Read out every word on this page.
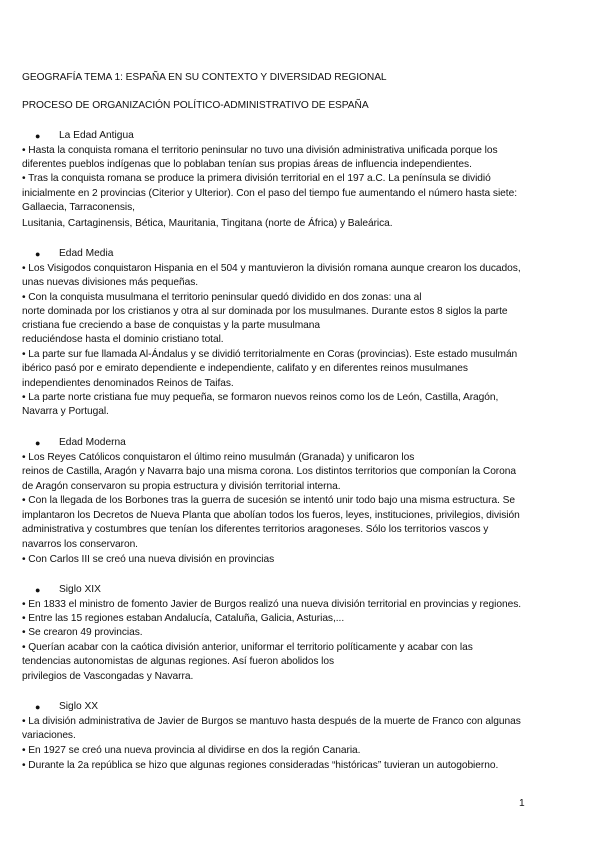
GEOGRAFÍA TEMA 1: ESPAÑA EN SU CONTEXTO Y DIVERSIDAD REGIONAL
PROCESO DE ORGANIZACIÓN POLÍTICO-ADMINISTRATIVO DE ESPAÑA
● La Edad Antigua
• Hasta la conquista romana el territorio peninsular no tuvo una división administrativa unificada porque los
diferentes pueblos indígenas que lo poblaban tenían sus propias áreas de influencia independientes.
• Tras la conquista romana se produce la primera división territorial en el 197 a.C. La península se dividió
inicialmente en 2 provincias (Citerior y Ulterior). Con el paso del tiempo fue aumentando el número hasta siete:
Gallaecia, Tarraconensis,
Lusitania, Cartaginensis, Bética, Mauritania, Tingitana (norte de África) y Baleárica.
● Edad Media
• Los Visigodos conquistaron Hispania en el 504 y mantuvieron la división romana aunque crearon los ducados,
unas nuevas divisiones más pequeñas.
• Con la conquista musulmana el territorio peninsular quedó dividido en dos zonas: una al
norte dominada por los cristianos y otra al sur dominada por los musulmanes. Durante estos 8 siglos la parte
cristiana fue creciendo a base de conquistas y la parte musulmana
reduciéndose hasta el dominio cristiano total.
• La parte sur fue llamada Al-Ándalus y se dividió territorialmente en Coras (provincias). Este estado musulmán
ibérico pasó por e emirato dependiente e independiente, califato y en diferentes reinos musulmanes
independientes denominados Reinos de Taifas.
• La parte norte cristiana fue muy pequeña, se formaron nuevos reinos como los de León, Castilla, Aragón,
Navarra y Portugal.
● Edad Moderna
• Los Reyes Católicos conquistaron el último reino musulmán (Granada) y unificaron los
reinos de Castilla, Aragón y Navarra bajo una misma corona. Los distintos territorios que componían la Corona
de Aragón conservaron su propia estructura y división territorial interna.
• Con la llegada de los Borbones tras la guerra de sucesión se intentó unir todo bajo una misma estructura. Se
implantaron los Decretos de Nueva Planta que abolían todos los fueros, leyes, instituciones, privilegios, división
administrativa y costumbres que tenían los diferentes territorios aragoneses. Sólo los territorios vascos y
navarros los conservaron.
• Con Carlos III se creó una nueva división en provincias
● Siglo XIX
• En 1833 el ministro de fomento Javier de Burgos realizó una nueva división territorial en provincias y regiones.
• Entre las 15 regiones estaban Andalucía, Cataluña, Galicia, Asturias,...
• Se crearon 49 provincias.
• Querían acabar con la caótica división anterior, uniformar el territorio políticamente y acabar con las
tendencias autonomistas de algunas regiones. Así fueron abolidos los
privilegios de Vascongadas y Navarra.
● Siglo XX
• La división administrativa de Javier de Burgos se mantuvo hasta después de la muerte de Franco con algunas
variaciones.
• En 1927 se creó una nueva provincia al dividirse en dos la región Canaria.
• Durante la 2a república se hizo que algunas regiones consideradas “históricas” tuvieran un autogobierno.
1
